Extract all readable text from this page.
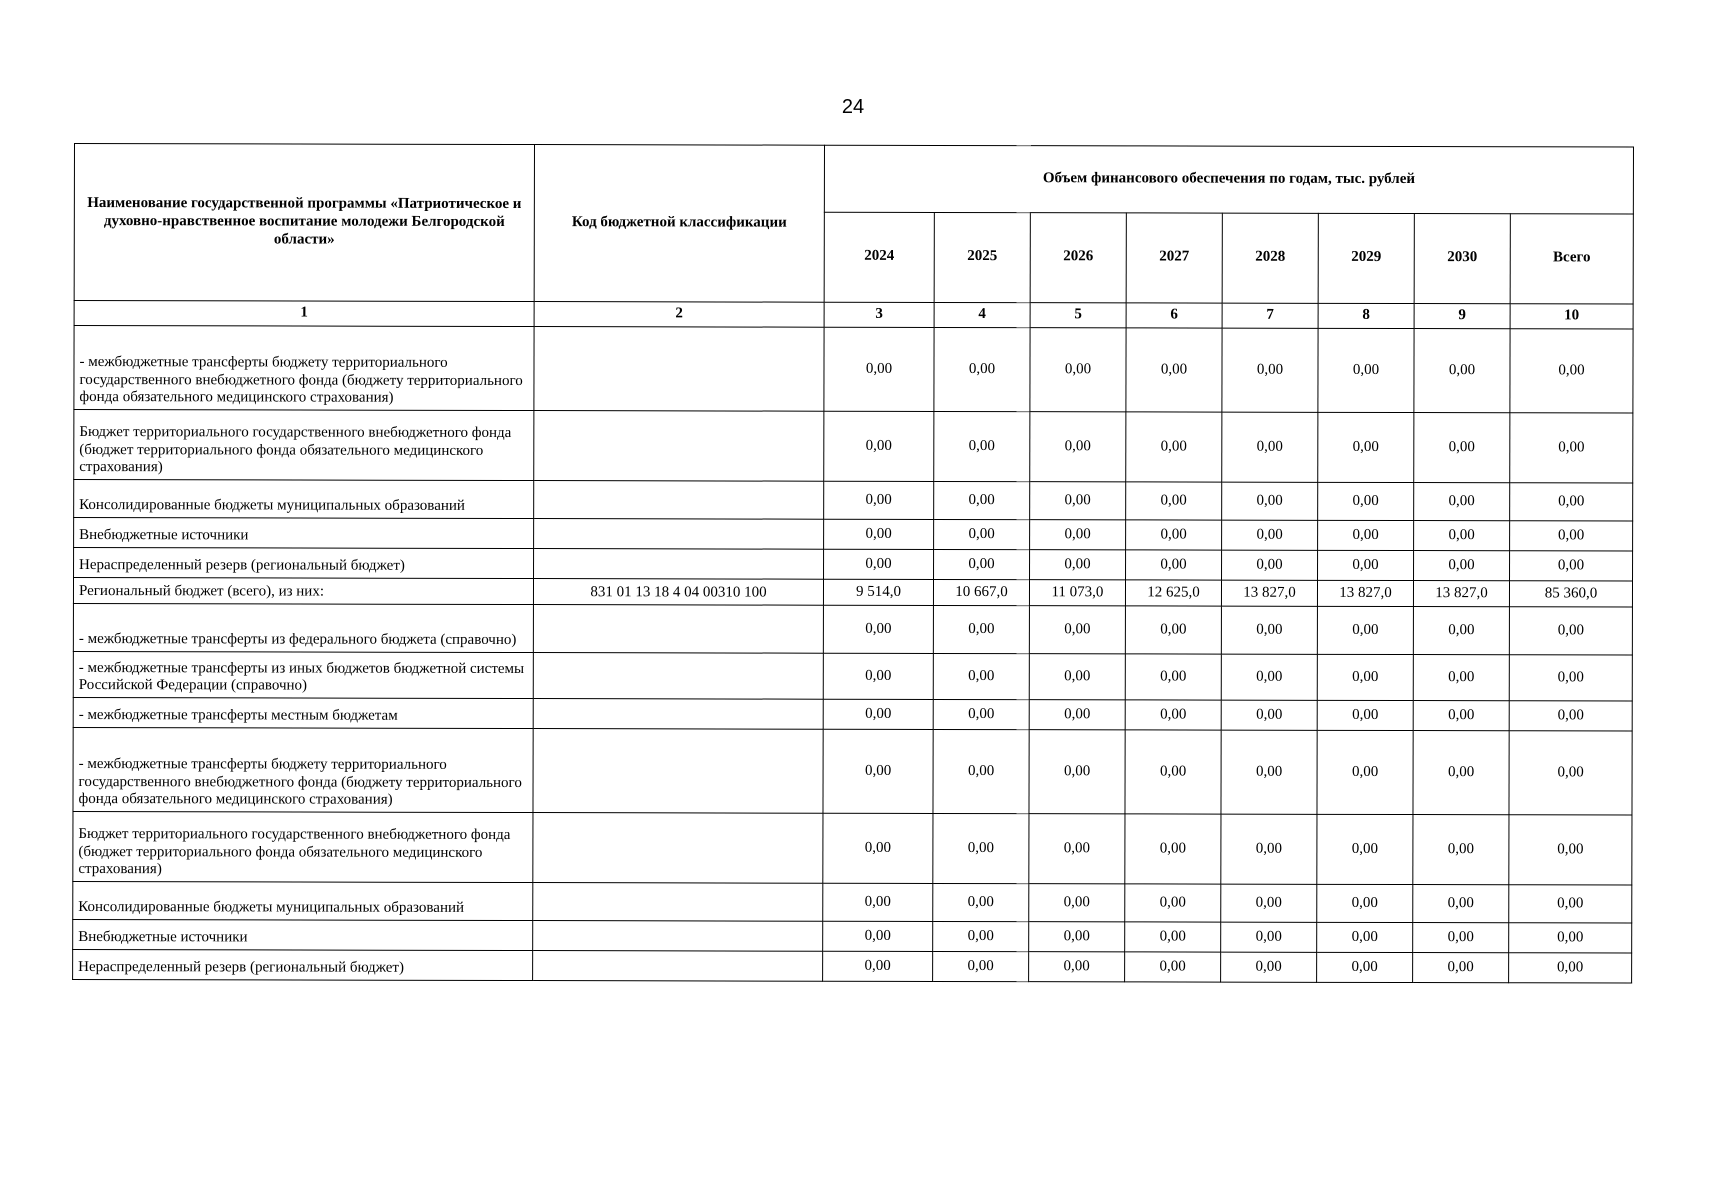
24
Наименование государственной программы «Патриотическое и духовно-нравственное воспитание молодежи Белгородской области»	Код бюджетной классификации	Объем финансового обеспечения по годам, тыс. рублей							
		2024	2025	2026	2027	2028	2029	2030	Всего
1	2	3	4	5	6	7	8	9	10
- межбюджетные трансферты бюджету территориального государственного внебюджетного фонда (бюджету территориального фонда обязательного медицинского страхования)		0,00	0,00	0,00	0,00	0,00	0,00	0,00	0,00
Бюджет территориального государственного внебюджетного фонда (бюджет территориального фонда обязательного медицинского страхования)		0,00	0,00	0,00	0,00	0,00	0,00	0,00	0,00
Консолидированные бюджеты муниципальных образований		0,00	0,00	0,00	0,00	0,00	0,00	0,00	0,00
Внебюджетные источники		0,00	0,00	0,00	0,00	0,00	0,00	0,00	0,00
Нераспределенный резерв (региональный бюджет)		0,00	0,00	0,00	0,00	0,00	0,00	0,00	0,00
Региональный бюджет (всего), из них:	831 01 13 18 4 04 00310 100	9 514,0	10 667,0	11 073,0	12 625,0	13 827,0	13 827,0	13 827,0	85 360,0
- межбюджетные трансферты из федерального бюджета (справочно)		0,00	0,00	0,00	0,00	0,00	0,00	0,00	0,00
- межбюджетные трансферты из иных бюджетов бюджетной системы Российской Федерации (справочно)		0,00	0,00	0,00	0,00	0,00	0,00	0,00	0,00
- межбюджетные трансферты местным бюджетам		0,00	0,00	0,00	0,00	0,00	0,00	0,00	0,00
- межбюджетные трансферты бюджету территориального государственного внебюджетного фонда (бюджету территориального фонда обязательного медицинского страхования)		0,00	0,00	0,00	0,00	0,00	0,00	0,00	0,00
Бюджет территориального государственного внебюджетного фонда (бюджет территориального фонда обязательного медицинского страхования)		0,00	0,00	0,00	0,00	0,00	0,00	0,00	0,00
Консолидированные бюджеты муниципальных образований		0,00	0,00	0,00	0,00	0,00	0,00	0,00	0,00
Внебюджетные источники		0,00	0,00	0,00	0,00	0,00	0,00	0,00	0,00
Нераспределенный резерв (региональный бюджет)		0,00	0,00	0,00	0,00	0,00	0,00	0,00	0,00
